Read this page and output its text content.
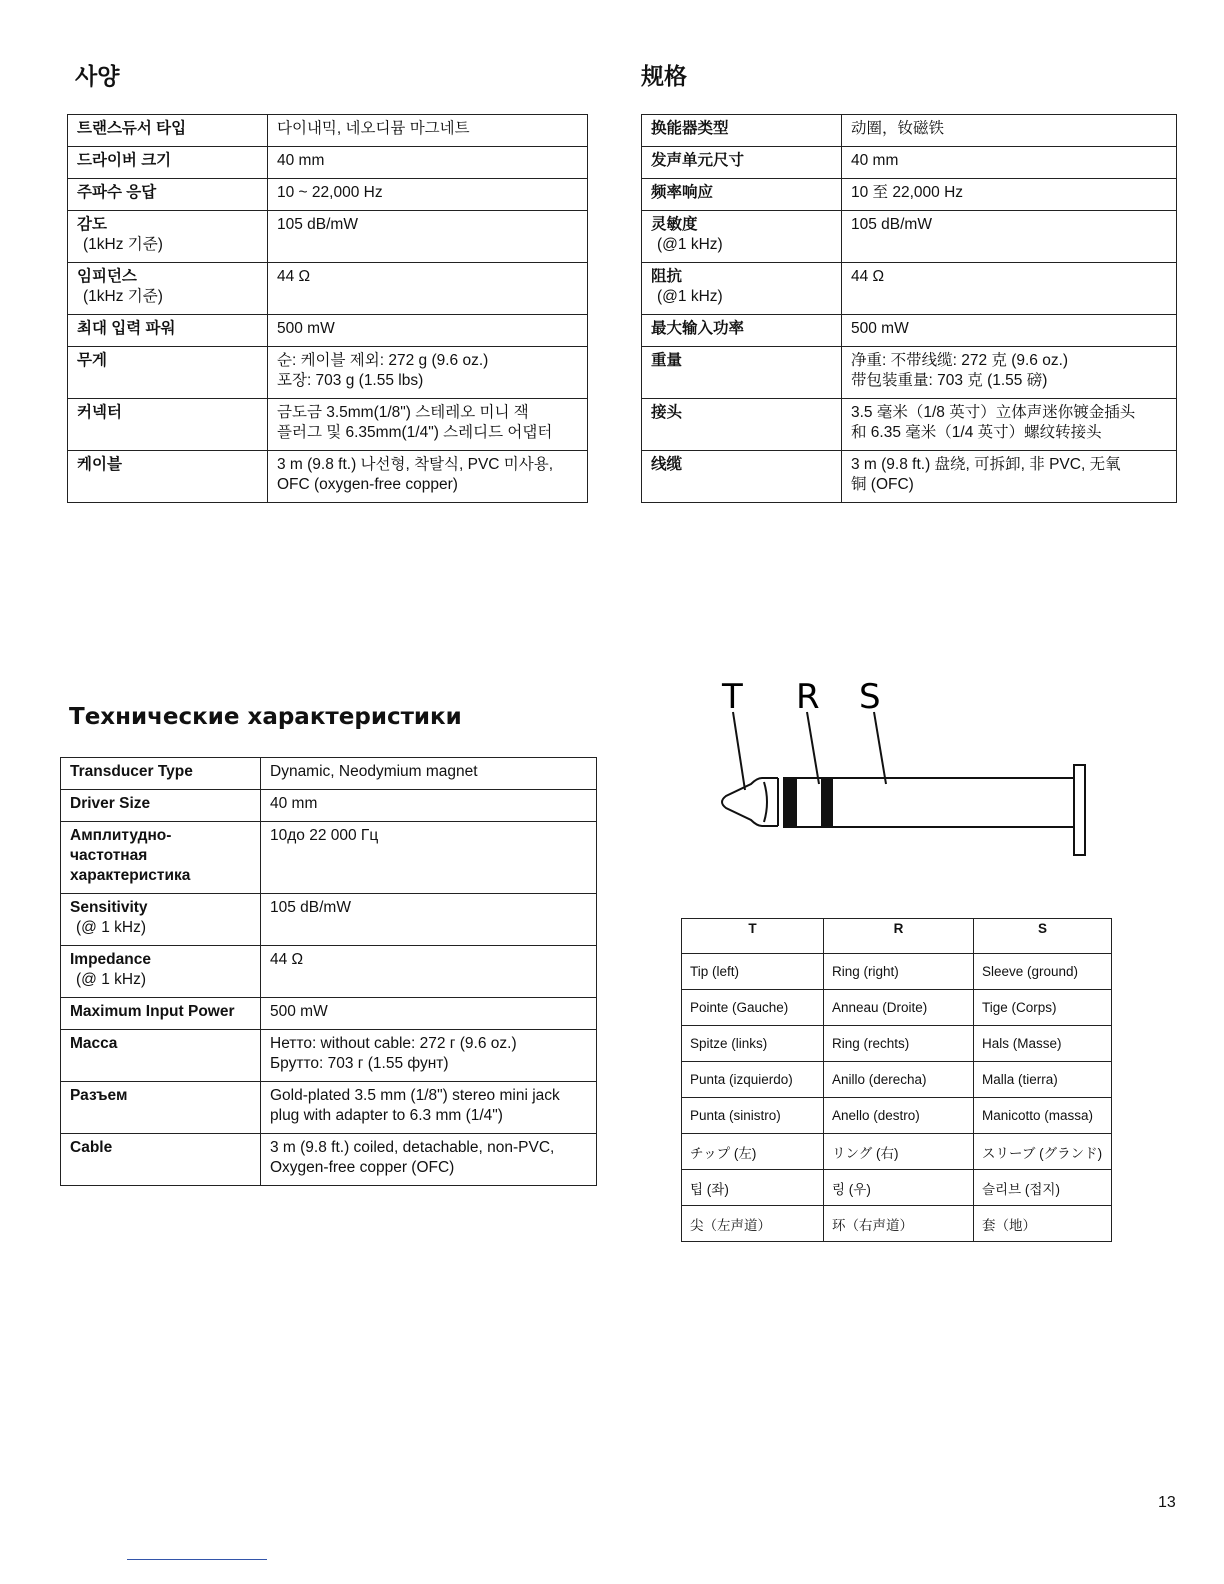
사양
트랜스듀서 타입	다이내믹, 네오디뮴 마그네트

드라이버 크기	40 mm

주파수 응답	10 ~ 22,000 Hz

감도
(1kHz 기준)	105 dB/mW

임피던스
(1kHz 기준)	44 Ω

최대 입력 파워	500 mW

무게	순: 케이블 제외: 272 g (9.6 oz.)
포장: 703 g (1.55 lbs)

커넥터	금도금 3.5mm(1/8") 스테레오 미니 잭
플러그 및 6.35mm(1/4") 스레디드 어댑터

케이블	3 m (9.8 ft.) 나선형, 착탈식, PVC 미사용,
OFC (oxygen-free copper)
规格
换能器类型	动圈，钕磁铁

发声单元尺寸	40 mm

频率响应	10 至 22,000 Hz

灵敏度
(@1 kHz)	105 dB/mW

阻抗
(@1 kHz)	44 Ω

最大输入功率	500 mW

重量	净重: 不带线缆: 272 克 (9.6 oz.)
带包装重量: 703 克 (1.55 磅)

接头	3.5 毫米（1/8 英寸）立体声迷你镀金插头
和 6.35 毫米（1/4 英寸）螺纹转接头

线缆	3 m (9.8 ft.) 盘绕, 可拆卸, 非 PVC, 无氧
铜 (OFC)
Технические характеристики
Transducer Type	Dynamic, Neodymium magnet

Driver Size	40 mm

Амплитудно-
частотная
характеристика	10до 22 000 Гц

Sensitivity
(@ 1 kHz)	105 dB/mW

Impedance
(@ 1 kHz)	44 Ω

Maximum Input Power	500 mW

Macca	Нетто: without cable: 272 г (9.6 oz.)
Брутто: 703 г (1.55 фунт)

Разъем	Gold-plated 3.5 mm (1/8") stereo mini jack
plug with adapter to 6.3 mm (1/4")

Cable	3 m (9.8 ft.) coiled, detachable, non-PVC,
Oxygen-free copper (OFC)
T R S
T	R	S
Tip (left)	Ring (right)	Sleeve (ground)
Pointe (Gauche)	Anneau (Droite)	Tige (Corps)
Spitze (links)	Ring (rechts)	Hals (Masse)
Punta (izquierdo)	Anillo (derecha)	Malla (tierra)
Punta (sinistro)	Anello (destro)	Manicotto (massa)
チップ (左)	リング (右)	スリーブ (グランド)
팁 (좌)	링 (우)	슬리브 (접지)
尖（左声道）	环（右声道）	套（地）
13
